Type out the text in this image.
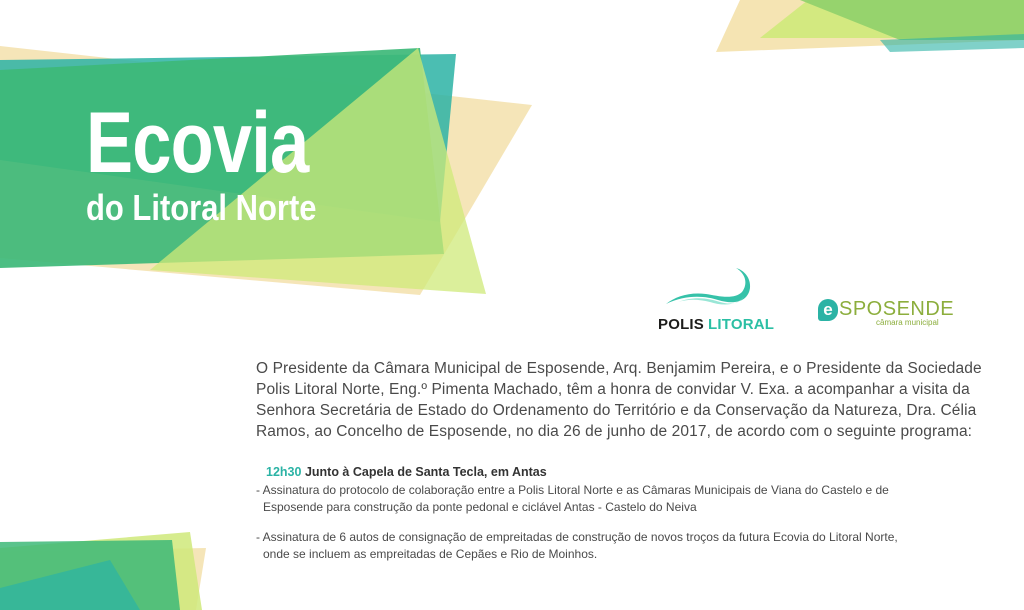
Ecovia
do Litoral Norte
POLIS LITORAL
e SPOSENDE
câmara municipal
O Presidente da Câmara Municipal de Esposende, Arq. Benjamim Pereira, e o Presidente da Sociedade
Polis Litoral Norte, Eng.º Pimenta Machado, têm a honra de convidar V. Exa. a acompanhar a visita da
Senhora Secretária de Estado do Ordenamento do Território e da Conservação da Natureza, Dra. Célia
Ramos, ao Concelho de Esposende, no dia 26 de junho de 2017, de acordo com o seguinte programa:
12h30 Junto à Capela de Santa Tecla, em Antas
- Assinatura do protocolo de colaboração entre a Polis Litoral Norte e as Câmaras Municipais de Viana do Castelo e de
Esposende para construção da ponte pedonal e ciclável Antas - Castelo do Neiva
- Assinatura de 6 autos de consignação de empreitadas de construção de novos troços da futura Ecovia do Litoral Norte,
onde se incluem as empreitadas de Cepães e Rio de Moinhos.
